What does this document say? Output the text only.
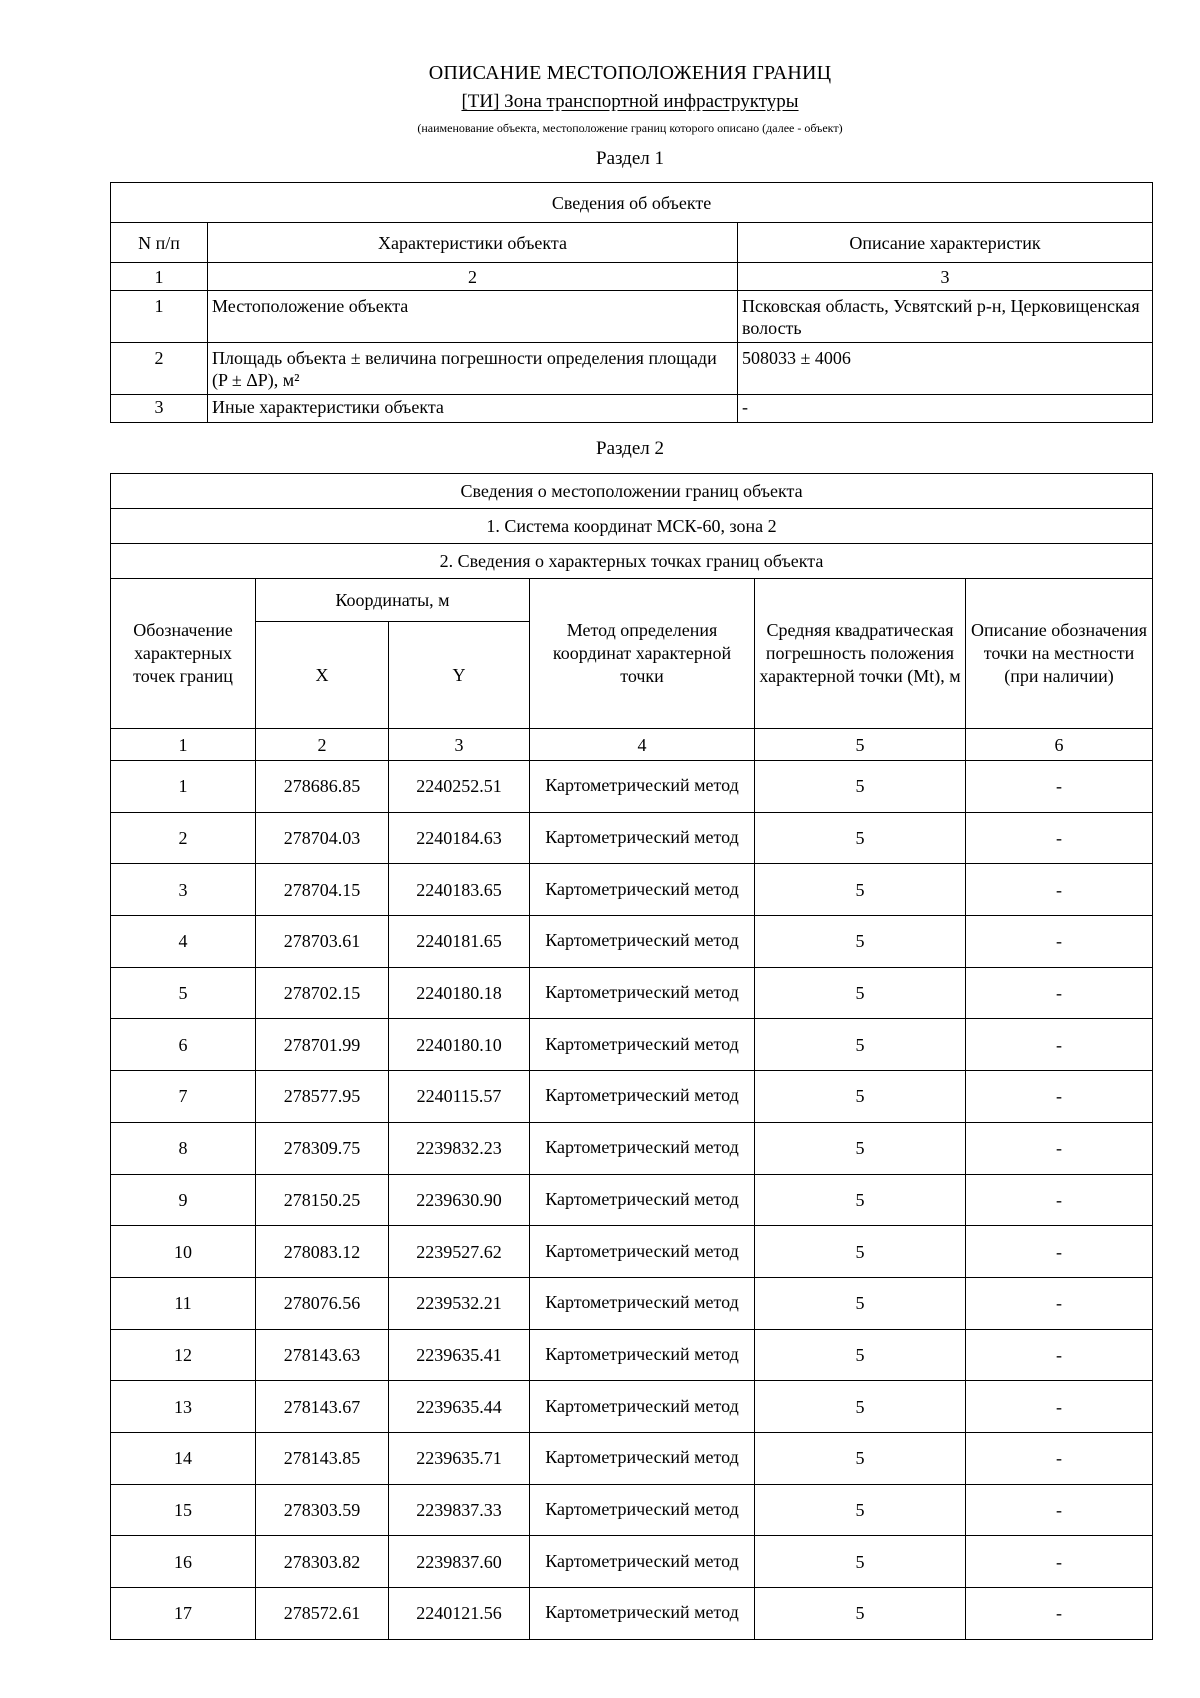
ОПИСАНИЕ МЕСТОПОЛОЖЕНИЯ ГРАНИЦ
[ТИ] Зона транспортной инфраструктуры
(наименование объекта, местоположение границ которого описано (далее - объект)
Раздел 1
Сведения об объекте		
N п/п	Характеристики объекта	Описание характеристик
1	2	3
1	Местоположение объекта	Псковская область, Усвятский р-н, Церковищенская волость
2	Площадь объекта ± величина погрешности определения площади (P ± ΔP), м²	508033 ± 4006
3	Иные характеристики объекта	-
Раздел 2
Сведения о местоположении границ объекта					
1. Система координат МСК-60, зона 2					
2. Сведения о характерных точках границ объекта					
Обозначение характерных точек границ	Координаты, м		Метод определения координат характерной точки	Средняя квадратическая погрешность положения характерной точки (Mt), м	Описание обозначения точки на местности (при наличии)
	X	Y			
1	2	3	4	5	6
1	278686.85	2240252.51	Картометрический метод	5	-
2	278704.03	2240184.63	Картометрический метод	5	-
3	278704.15	2240183.65	Картометрический метод	5	-
4	278703.61	2240181.65	Картометрический метод	5	-
5	278702.15	2240180.18	Картометрический метод	5	-
6	278701.99	2240180.10	Картометрический метод	5	-
7	278577.95	2240115.57	Картометрический метод	5	-
8	278309.75	2239832.23	Картометрический метод	5	-
9	278150.25	2239630.90	Картометрический метод	5	-
10	278083.12	2239527.62	Картометрический метод	5	-
11	278076.56	2239532.21	Картометрический метод	5	-
12	278143.63	2239635.41	Картометрический метод	5	-
13	278143.67	2239635.44	Картометрический метод	5	-
14	278143.85	2239635.71	Картометрический метод	5	-
15	278303.59	2239837.33	Картометрический метод	5	-
16	278303.82	2239837.60	Картометрический метод	5	-
17	278572.61	2240121.56	Картометрический метод	5	-
